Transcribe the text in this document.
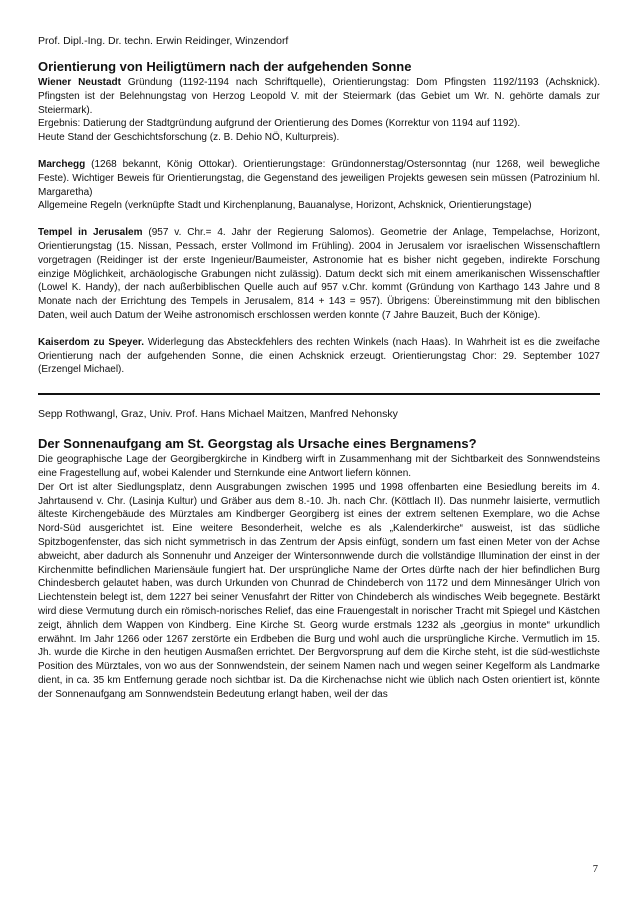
Prof. Dipl.-Ing. Dr. techn. Erwin Reidinger, Winzendorf
Orientierung von Heiligtümern nach der aufgehenden Sonne

Wiener Neustadt Gründung (1192-1194 nach Schriftquelle), Orientierungstag: Dom Pfingsten 1192/1193 (Achsknick). Pfingsten ist der Belehnungstag von Herzog Leopold V. mit der Steiermark (das Gebiet um Wr. N. gehörte damals zur Steiermark).

Ergebnis: Datierung der Stadtgründung aufgrund der Orientierung des Domes (Korrektur von 1194 auf 1192).

Heute Stand der Geschichtsforschung (z. B. Dehio NÖ, Kulturpreis).

Marchegg (1268 bekannt, König Ottokar). Orientierungstage: Gründonnerstag/Ostersonntag (nur 1268, weil bewegliche Feste). Wichtiger Beweis für Orientierungstag, die Gegenstand des jeweiligen Projekts gewesen sein müssen (Patrozinium hl. Margaretha)

Allgemeine Regeln (verknüpfte Stadt und Kirchenplanung, Bauanalyse, Horizont, Achsknick, Orientierungstage)

Tempel in Jerusalem (957 v. Chr.= 4. Jahr der Regierung Salomos). Geometrie der Anlage, Tempelachse, Horizont, Orientierungstag (15. Nissan, Pessach, erster Vollmond im Frühling). 2004 in Jerusalem vor israelischen Wissenschaftlern vorgetragen (Reidinger ist der erste Ingenieur/Baumeister, Astronomie hat es bisher nicht gegeben, indirekte Forschung einzige Möglichkeit, archäologische Grabungen nicht zulässig). Datum deckt sich mit einem amerikanischen Wissenschaftler (Lowel K. Handy), der nach außerbiblischen Quelle auch auf 957 v.Chr. kommt (Gründung von Karthago 143 Jahre und 8 Monate nach der Errichtung des Tempels in Jerusalem, 814 + 143 = 957). Übrigens: Übereinstimmung mit den biblischen Daten, weil auch Datum der Weihe astronomisch erschlossen werden konnte (7 Jahre Bauzeit, Buch der Könige).

Kaiserdom zu Speyer. Widerlegung das Absteckfehlers des rechten Winkels (nach Haas). In Wahrheit ist es die zweifache Orientierung nach der aufgehenden Sonne, die einen Achsknick erzeugt. Orientierungstag Chor: 29. September 1027 (Erzengel Michael).

Sepp Rothwangl, Graz, Univ. Prof. Hans Michael Maitzen, Manfred Nehonsky
Der Sonnenaufgang am St. Georgstag als Ursache eines Bergnamens?

Die geographische Lage der Georgibergkirche in Kindberg wirft in Zusammenhang mit der Sichtbarkeit des Sonnwendsteins eine Fragestellung auf, wobei Kalender und Sternkunde eine Antwort liefern können.

Der Ort ist alter Siedlungsplatz, denn Ausgrabungen zwischen 1995 und 1998 offenbarten eine Besiedlung bereits im 4. Jahrtausend v. Chr. (Lasinja Kultur) und Gräber aus dem 8.-10. Jh. nach Chr. (Köttlach II). Das nunmehr laisierte, vermutlich älteste Kirchengebäude des Mürztales am Kindberger Georgiberg ist eines der extrem seltenen Exemplare, wo die Achse Nord-Süd ausgerichtet ist. Eine weitere Besonderheit, welche es als „Kalenderkirche“ ausweist, ist das südliche Spitzbogenfenster, das sich nicht symmetrisch in das Zentrum der Apsis einfügt, sondern um fast einen Meter von der Achse abweicht, aber dadurch als Sonnenuhr und Anzeiger der Wintersonnwende durch die vollständige Illumination der einst in der Kirchenmitte befindlichen Mariensäule fungiert hat. Der ursprüngliche Name der Ortes dürfte nach der hier befindlichen Burg Chindesberch gelautet haben, was durch Urkunden von Chunrad de Chindeberch von 1172 und dem Minnesänger Ulrich von Liechtenstein belegt ist, dem 1227 bei seiner Venusfahrt der Ritter von Chindeberch als windisches Weib begegnete. Bestärkt wird diese Vermutung durch ein römisch-norisches Relief, das eine Frauengestalt in norischer Tracht mit Spiegel und Kästchen zeigt, ähnlich dem Wappen von Kindberg. Eine Kirche St. Georg wurde erstmals 1232 als „georgius in monte“ urkundlich erwähnt. Im Jahr 1266 oder 1267 zerstörte ein Erdbeben die Burg und wohl auch die ursprüngliche Kirche. Vermutlich im 15. Jh. wurde die Kirche in den heutigen Ausmaßen errichtet. Der Bergvorsprung auf dem die Kirche steht, ist die süd-westlichste Position des Mürztales, von wo aus der Sonnwendstein, der seinem Namen nach und wegen seiner Kegelform als Landmarke dient, in ca. 35 km Entfernung gerade noch sichtbar ist. Da die Kirchenachse nicht wie üblich nach Osten orientiert ist, könnte der Sonnenaufgang am Sonnwendstein Bedeutung erlangt haben, weil der das

7
